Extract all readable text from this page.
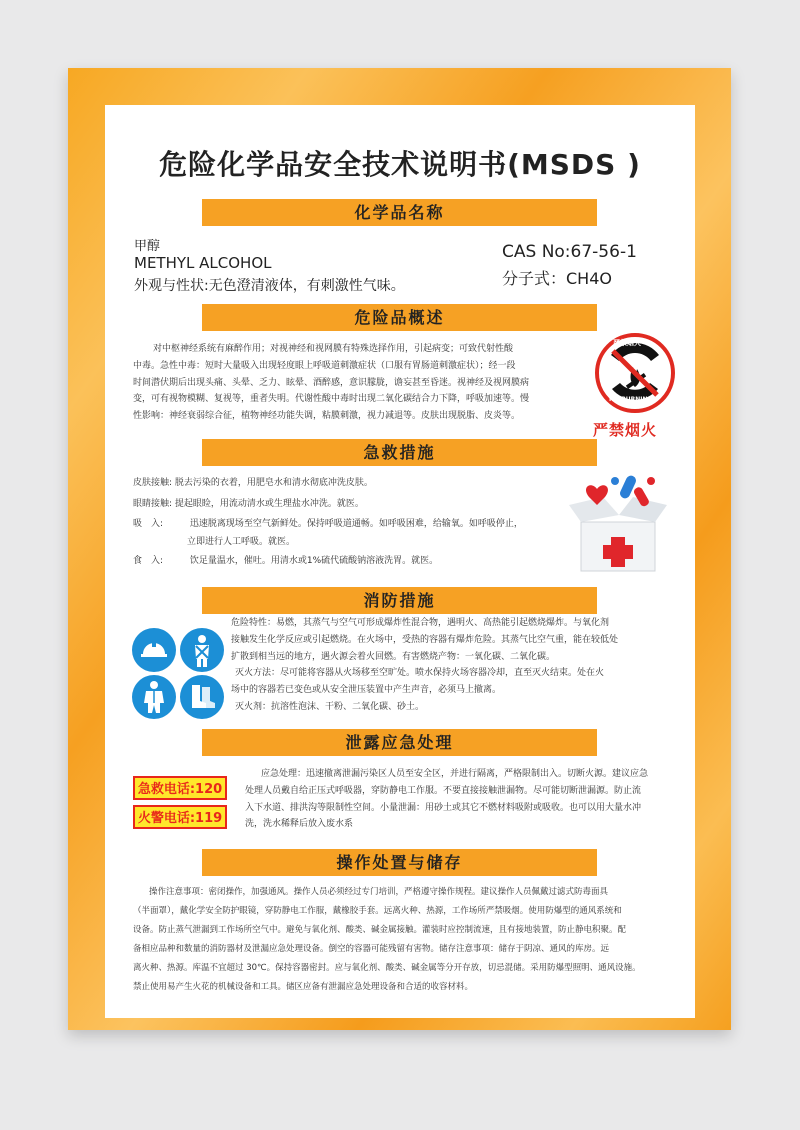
危险化学品安全技术说明书(MSDS )
化学品名称
甲醇
METHYL ALCOHOL
外观与性状:无色澄清液体，有刺激性气味。
CAS No:67-56-1
分子式：CH4O
危险品概述
对中枢神经系统有麻醉作用；对视神经和视网膜有特殊选择作用，引起病变；可致代射性酸
中毒。急性中毒：短时大量吸入出现轻度眼上呼吸道刺激症状（口服有胃肠道刺激症状）；经一段
时间潜伏期后出现头痛、头晕、乏力、眩晕、酒醉感，意识朦胧，谵妄甚至昏迷。视神经及视网膜病
变，可有视物模糊、复视等，重者失明。代谢性酸中毒时出现二氧化碳结合力下降，呼吸加速等。慢
性影响：神经衰弱综合征，植物神经功能失调，粘膜刺激，视力减退等。皮肤出现脱脂、皮炎等。
严禁烟火
NO BURNING
严禁烟火
急救措施
皮肤接触: 脱去污染的衣着，用肥皂水和清水彻底冲洗皮肤。
眼睛接触: 提起眼睑，用流动清水或生理盐水冲洗。就医。
吸　入:	迅速脱离现场至空气新鲜处。保持呼吸道通畅。如呼吸困难，给输氧。如呼吸停止，
立即进行人工呼吸。就医。
食　入:	饮足量温水，催吐。用清水或1%硫代硫酸钠溶液洗胃。就医。
消防措施
危险特性：易燃，其蒸气与空气可形成爆炸性混合物，遇明火、高热能引起燃烧爆炸。与氧化剂
接触发生化学反应或引起燃烧。在火场中，受热的容器有爆炸危险。其蒸气比空气重，能在较低处
扩散到相当远的地方，遇火源会着火回燃。有害燃烧产物：一氧化碳、二氧化碳。
灭火方法：尽可能将容器从火场移至空旷处。喷水保持火场容器冷却，直至灭火结束。处在火
场中的容器若已变色或从安全泄压装置中产生声音，必须马上撤离。
灭火剂：抗溶性泡沫、干粉、二氧化碳、砂土。
泄露应急处理
急救电话:120
火警电话:119
应急处理：迅速撤离泄漏污染区人员至安全区，并进行隔离，严格限制出入。切断火源。建议应急
处理人员戴自给正压式呼吸器，穿防静电工作服。不要直接接触泄漏物。尽可能切断泄漏源。防止流
入下水道、排洪沟等限制性空间。小量泄漏：用砂土或其它不燃材料吸附或吸收。也可以用大量水冲
洗，洗水稀释后放入废水系
操作处置与储存
操作注意事项：密闭操作，加强通风。操作人员必须经过专门培训，严格遵守操作规程。建议操作人员佩戴过滤式防毒面具
（半面罩），戴化学安全防护眼镜，穿防静电工作服，戴橡胶手套。远离火种、热源，工作场所严禁吸烟。使用防爆型的通风系统和
设备。防止蒸气泄漏到工作场所空气中。避免与氧化剂、酸类、碱金属接触。灌装时应控制流速，且有接地装置，防止静电积聚。配
备相应品种和数量的消防器材及泄漏应急处理设备。倒空的容器可能残留有害物。储存注意事项：储存于阴凉、通风的库房。远
离火种、热源。库温不宜超过 30℃。保持容器密封。应与氧化剂、酸类、碱金属等分开存放，切忌混储。采用防爆型照明、通风设施。
禁止使用易产生火花的机械设备和工具。储区应备有泄漏应急处理设备和合适的收容材料。
